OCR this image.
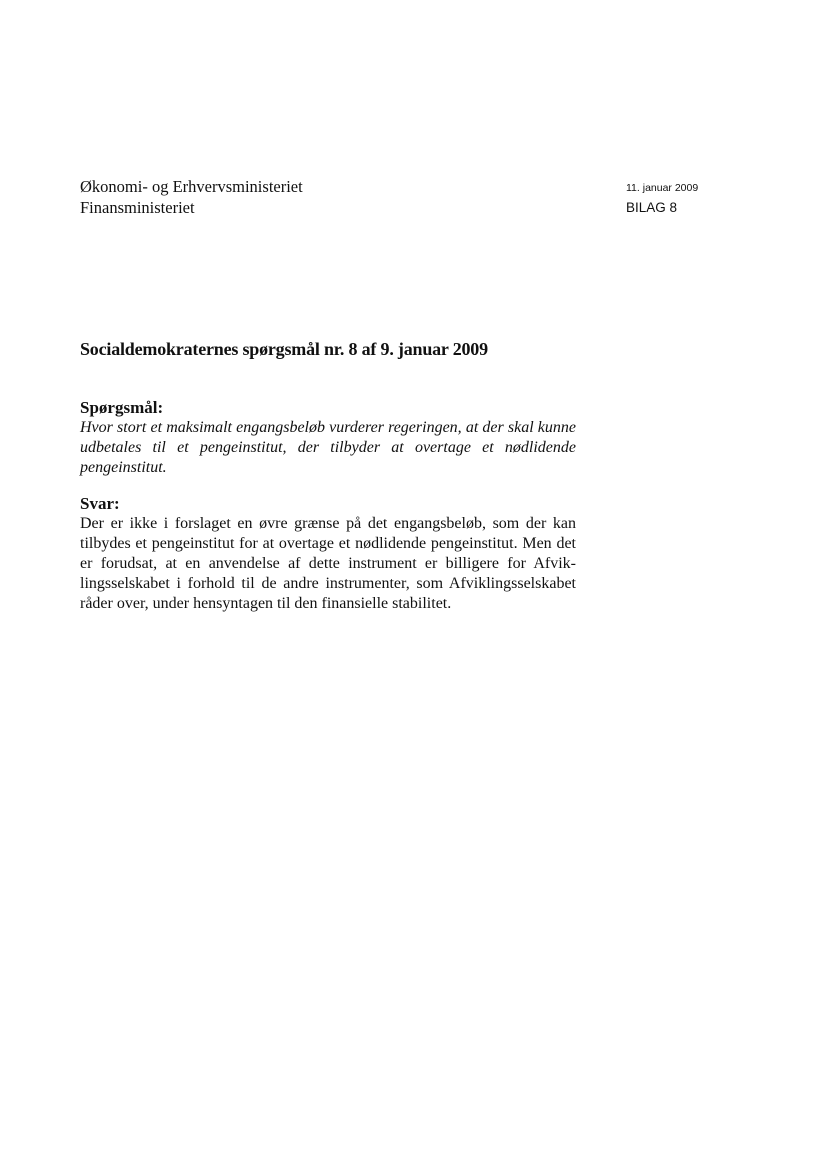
Økonomi- og Erhvervsministeriet
Finansministeriet
11. januar 2009
BILAG 8
Socialdemokraternes spørgsmål nr. 8 af 9. januar 2009
Spørgsmål:

Hvor stort et maksimalt engangsbeløb vurderer regeringen, at der skal kunne udbetales til et pengeinstitut, der tilbyder at overtage et nødlidende pengeinstitut.

Svar:

Der er ikke i forslaget en øvre grænse på det engangsbeløb, som der kan tilbydes et pengeinstitut for at overtage et nødlidende pengeinstitut. Men det er forudsat, at en anvendelse af dette instrument er billigere for Afviklingsselskabet i forhold til de andre instrumenter, som Afviklingsselskabet råder over, under hensyntagen til den finansielle stabilitet.
